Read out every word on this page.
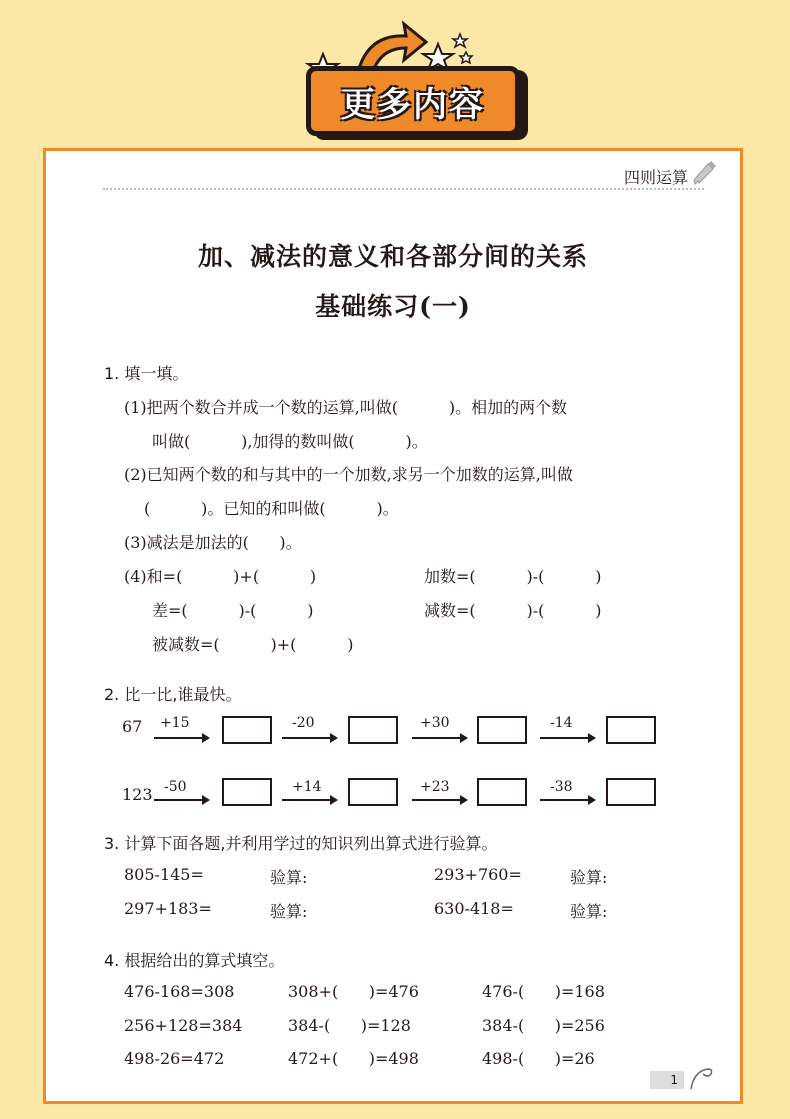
更多内容
四则运算
加、减法的意义和各部分间的关系
基础练习(一)
1. 填一填。
(1)把两个数合并成一个数的运算,叫做(          )。相加的两个数
叫做(          ),加得的数叫做(          )。
(2)已知两个数的和与其中的一个加数,求另一个加数的运算,叫做
(          )。已知的和叫做(          )。
(3)减法是加法的(      )。
(4)和=(          )+(          )	加数=(          )-(          )
差=(          )-(          )	减数=(          )-(          )
被减数=(          )+(          )
2. 比一比,谁最快。
67 +15	-20	+30	-14
123 -50	+14	+23	-38
3. 计算下面各题,并利用学过的知识列出算式进行验算。
805-145=	验算:	293+760=	验算:
297+183=	验算:	630-418=	验算:
4. 根据给出的算式填空。
476-168=308	308+(      )=476	476-(      )=168
256+128=384	384-(      )=128	384-(      )=256
498-26=472	472+(      )=498	498-(      )=26
1
